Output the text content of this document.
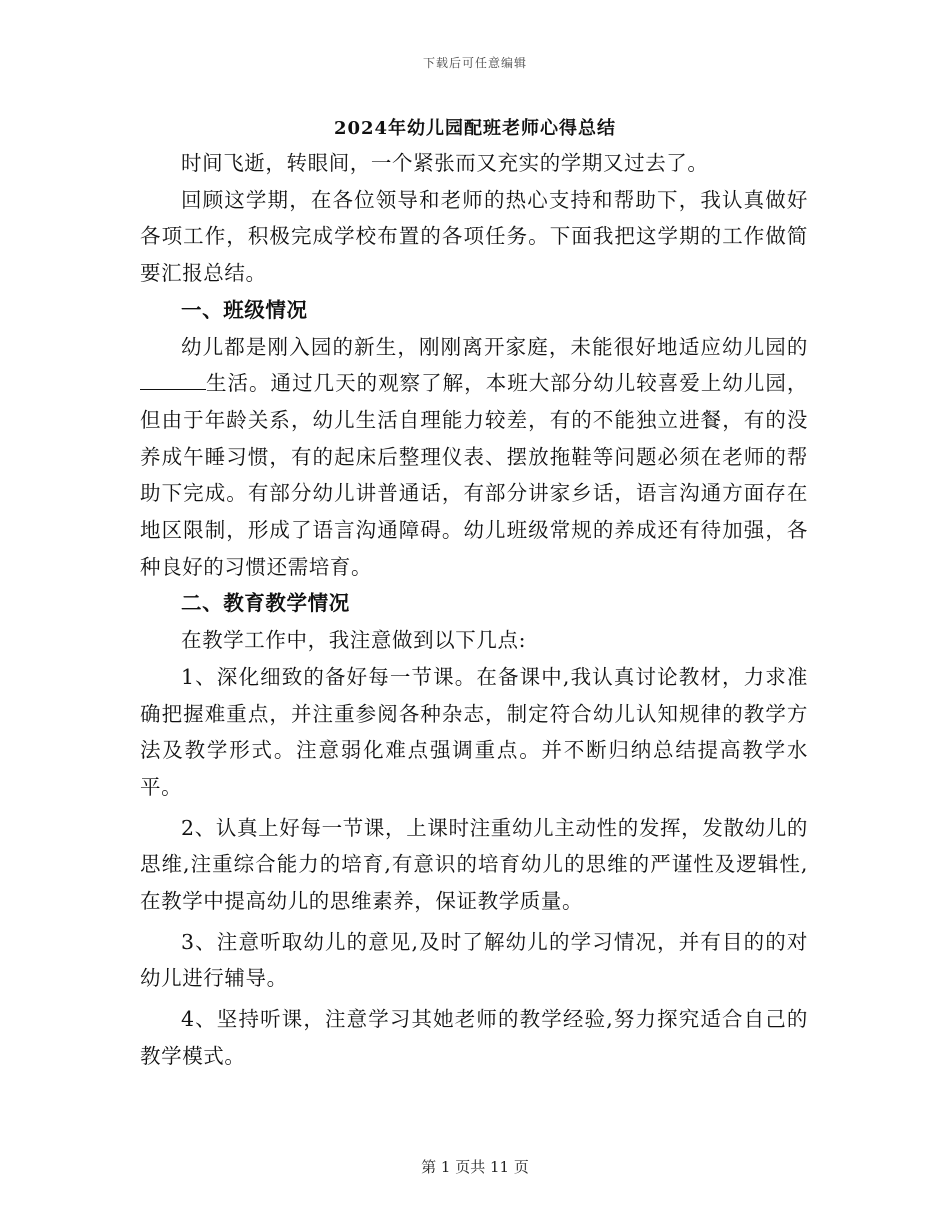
下载后可任意编辑
2024年幼儿园配班老师心得总结

时间飞逝，转眼间，一个紧张而又充实的学期又过去了。

回顾这学期，在各位领导和老师的热心支持和帮助下，我认真做好各项工作，积极完成学校布置的各项任务。下面我把这学期的工作做简要汇报总结。

一、班级情况

幼儿都是刚入园的新生，刚刚离开家庭，未能很好地适应幼儿园的生活。通过几天的观察了解，本班大部分幼儿较喜爱上幼儿园，但由于年龄关系，幼儿生活自理能力较差，有的不能独立进餐，有的没养成午睡习惯，有的起床后整理仪表、摆放拖鞋等问题必须在老师的帮助下完成。有部分幼儿讲普通话，有部分讲家乡话，语言沟通方面存在地区限制，形成了语言沟通障碍。幼儿班级常规的养成还有待加强，各种良好的习惯还需培育。

二、教育教学情况

在教学工作中，我注意做到以下几点:

1、深化细致的备好每一节课。在备课中,我认真讨论教材，力求准确把握难重点，并注重参阅各种杂志，制定符合幼儿认知规律的教学方法及教学形式。注意弱化难点强调重点。并不断归纳总结提高教学水平。

2、认真上好每一节课，上课时注重幼儿主动性的发挥，发散幼儿的思维,注重综合能力的培育,有意识的培育幼儿的思维的严谨性及逻辑性,在教学中提高幼儿的思维素养，保证教学质量。

3、注意听取幼儿的意见,及时了解幼儿的学习情况，并有目的的对幼儿进行辅导。

4、坚持听课，注意学习其她老师的教学经验,努力探究适合自己的教学模式。

第 1 页共 11 页
